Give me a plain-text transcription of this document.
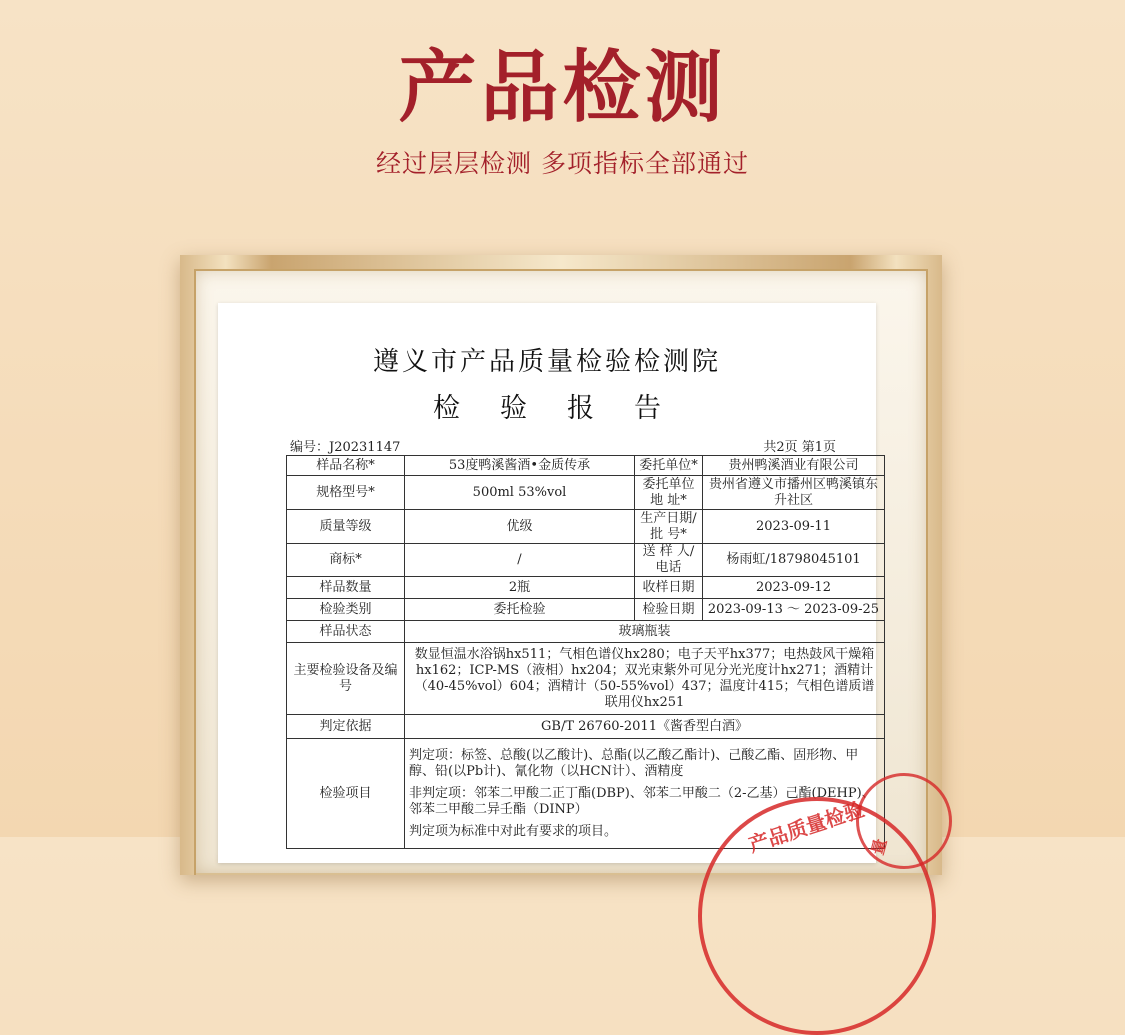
产品检测
经过层层检测 多项指标全部通过
遵义市产品质量检验检测院
检验报告
编号：J20231147	共2页 第1页
样品名称*	53度鸭溪酱酒•金质传承	委托单位*	贵州鸭溪酒业有限公司
规格型号*	500ml 53%vol	委托单位地 址*	贵州省遵义市播州区鸭溪镇东升社区
质量等级	优级	生产日期/批 号*	2023-09-11
商标*	/	送 样 人/电话	杨雨虹/18798045101
样品数量	2瓶	收样日期	2023-09-12
检验类别	委托检验	检验日期	2023-09-13 ～ 2023-09-25
样品状态	玻璃瓶装		
主要检验设备及编号	数显恒温水浴锅hx511；气相色谱仪hx280；电子天平hx377；电热鼓风干燥箱hx162；ICP-MS（液相）hx204；双光束紫外可见分光光度计hx271；酒精计（40-45%vol）604；酒精计（50-55%vol）437；温度计415；气相色谱质谱联用仪hx251		
判定依据	GB/T 26760-2011《酱香型白酒》		
检验项目	判定项：标签、总酸(以乙酸计)、总酯(以乙酸乙酯计)、己酸乙酯、固形物、甲醇、铅(以Pb计)、氰化物（以HCN计）、酒精度
非判定项：邻苯二甲酸二正丁酯(DBP)、邻苯二甲酸二（2-乙基）己酯(DEHP)、邻苯二甲酸二异壬酯（DINP）
判定项为标准中对此有要求的项目。			产品质量检验 量
